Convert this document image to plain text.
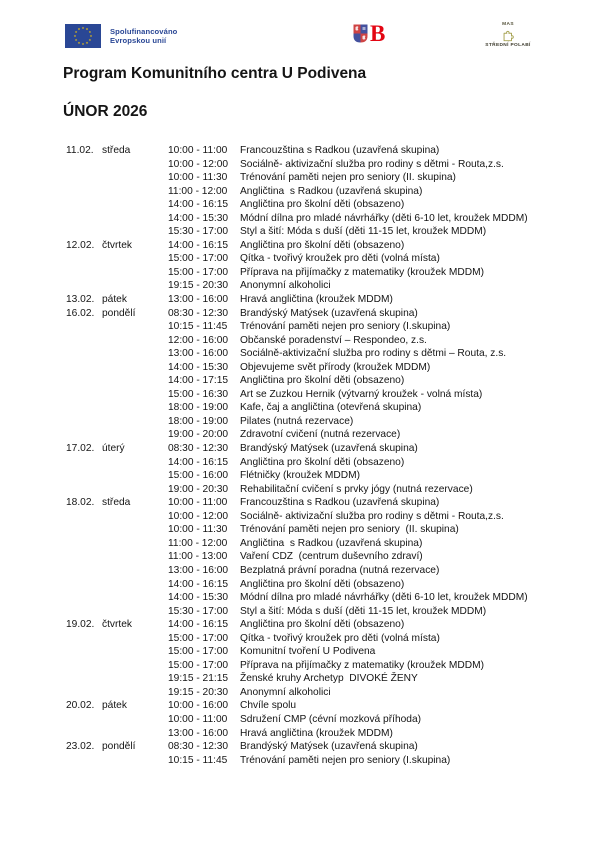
Spolufinancováno
Evropskou unií	B	MAS
STŘEDNÍ POLABÍ
Program Komunitního centra U Podivena
ÚNOR 2026
11.02. středa	10:00 - 11:00	Francouzština s Radkou (uzavřená skupina)
10:00 - 12:00	Sociálně- aktivizační služba pro rodiny s dětmi - Routa,z.s.
10:00 - 11:30	Trénování paměti nejen pro seniory (II. skupina)
11:00 - 12:00	Angličtina  s Radkou (uzavřená skupina)
14:00 - 16:15	Angličtina pro školní děti (obsazeno)
14:00 - 15:30	Módní dílna pro mladé návrhářky (děti 6-10 let, kroužek MDDM)
15:30 - 17:00	Styl a šití: Móda s duší (děti 11-15 let, kroužek MDDM)
12.02. čtvrtek	14:00 - 16:15	Angličtina pro školní děti (obsazeno)
15:00 - 17:00	Qítka - tvořivý kroužek pro děti (volná místa)
15:00 - 17:00	Příprava na přijímačky z matematiky (kroužek MDDM)
19:15 - 20:30	Anonymní alkoholici
13.02. pátek	13:00 - 16:00	Hravá angličtina (kroužek MDDM)
16.02. pondělí	08:30 - 12:30	Brandýský Matýsek (uzavřená skupina)
10:15 - 11:45	Trénování paměti nejen pro seniory (I.skupina)
12:00 - 16:00	Občanské poradenství – Respondeo, z.s.
13:00 - 16:00	Sociálně-aktivizační služba pro rodiny s dětmi – Routa, z.s.
14:00 - 15:30	Objevujeme svět přírody (kroužek MDDM)
14:00 - 17:15	Angličtina pro školní děti (obsazeno)
15:00 - 16:30	Art se Zuzkou Hernik (výtvarný kroužek - volná místa)
18:00 - 19:00	Kafe, čaj a angličtina (otevřená skupina)
18:00 - 19:00	Pilates (nutná rezervace)
19:00 - 20:00	Zdravotní cvičení (nutná rezervace)
17.02. úterý	08:30 - 12:30	Brandýský Matýsek (uzavřená skupina)
14:00 - 16:15	Angličtina pro školní děti (obsazeno)
15:00 - 16:00	Flétničky (kroužek MDDM)
19:00 - 20:30	Rehabilitační cvičení s prvky jógy (nutná rezervace)
18.02. středa	10:00 - 11:00	Francouzština s Radkou (uzavřená skupina)
10:00 - 12:00	Sociálně- aktivizační služba pro rodiny s dětmi - Routa,z.s.
10:00 - 11:30	Trénování paměti nejen pro seniory  (II. skupina)
11:00 - 12:00	Angličtina  s Radkou (uzavřená skupina)
11:00 - 13:00	Vaření CDZ  (centrum duševního zdraví)
13:00 - 16:00	Bezplatná právní poradna (nutná rezervace)
14:00 - 16:15	Angličtina pro školní děti (obsazeno)
14:00 - 15:30	Módní dílna pro mladé návrhářky (děti 6-10 let, kroužek MDDM)
15:30 - 17:00	Styl a šití: Móda s duší (děti 11-15 let, kroužek MDDM)
19.02. čtvrtek	14:00 - 16:15	Angličtina pro školní děti (obsazeno)
15:00 - 17:00	Qítka - tvořivý kroužek pro děti (volná místa)
15:00 - 17:00	Komunitní tvoření U Podivena
15:00 - 17:00	Příprava na přijímačky z matematiky (kroužek MDDM)
19:15 - 21:15	Ženské kruhy Archetyp  DIVOKÉ ŽENY
19:15 - 20:30	Anonymní alkoholici
20.02. pátek	10:00 - 16:00	Chvíle spolu
10:00 - 11:00	Sdružení CMP (cévní mozková příhoda)
13:00 - 16:00	Hravá angličtina (kroužek MDDM)
23.02. pondělí	08:30 - 12:30	Brandýský Matýsek (uzavřená skupina)
10:15 - 11:45	Trénování paměti nejen pro seniory (I.skupina)
